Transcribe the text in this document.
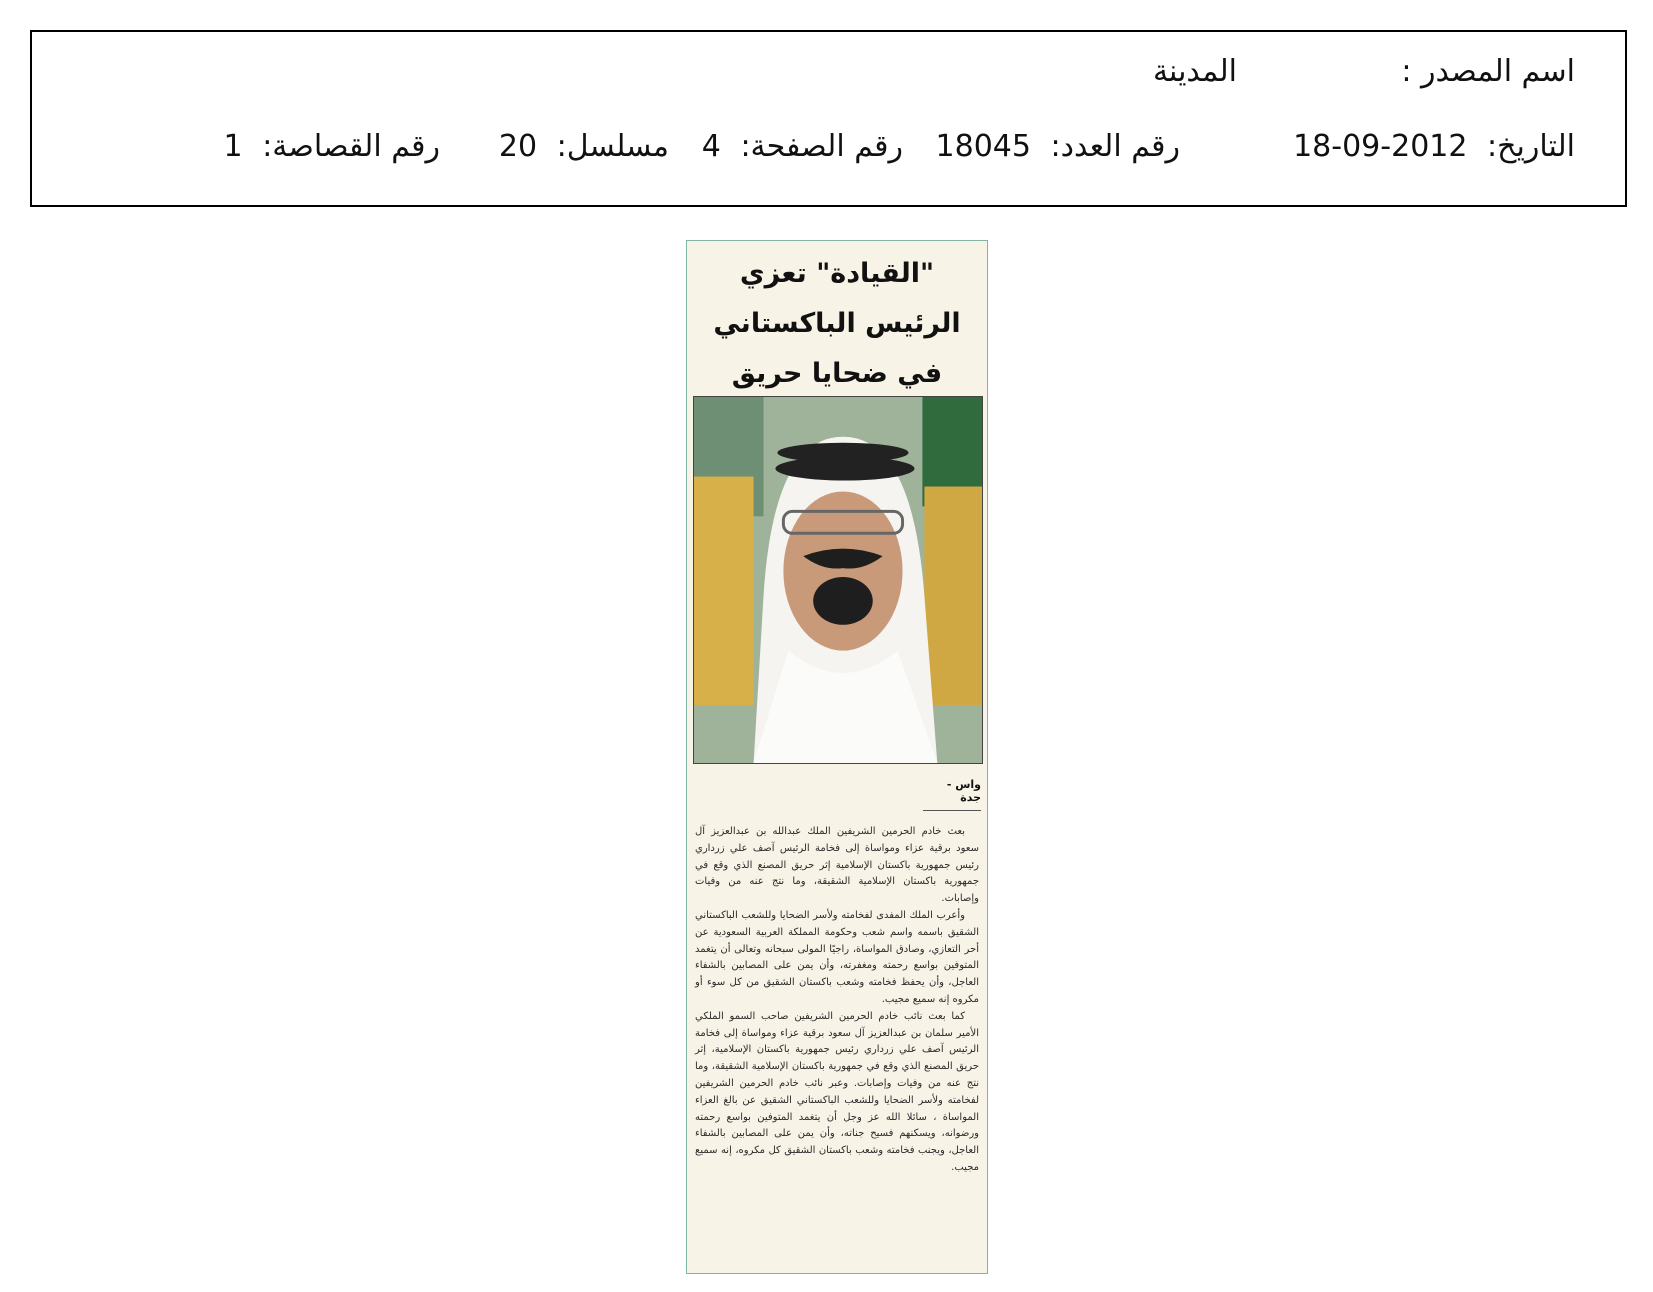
اسم المصدر :
المدينة
التاريخ: 2012-09-18
رقم العدد: 18045
رقم الصفحة: 4
مسلسل: 20
رقم القصاصة: 1
"القيادة" تعزي الرئيس الباكستاني في ضحايا حريق
واس - جدة

بعث خادم الحرمين الشريفين الملك عبدالله بن عبدالعزيز آل سعود برقية عزاء ومواساة إلى فخامة الرئيس آصف علي زرداري رئيس جمهورية باكستان الإسلامية إثر حريق المصنع الذي وقع في جمهورية باكستان الإسلامية الشقيقة، وما نتج عنه من وفيات وإصابات.

وأعرب الملك المفدى لفخامته ولأسر الضحايا وللشعب الباكستاني الشقيق باسمه واسم شعب وحكومة المملكة العربية السعودية عن أحر التعازي، وصادق المواساة، راجيًا المولى سبحانه وتعالى أن يتغمد المتوفين بواسع رحمته ومغفرته، وأن يمن على المصابين بالشفاء العاجل، وأن يحفظ فخامته وشعب باكستان الشقيق من كل سوء أو مكروه إنه سميع مجيب.

كما بعث نائب خادم الحرمين الشريفين صاحب السمو الملكي الأمير سلمان بن عبدالعزيز آل سعود برقية عزاء ومواساة إلى فخامة الرئيس آصف علي زرداري رئيس جمهورية باكستان الإسلامية، إثر حريق المصنع الذي وقع في جمهورية باكستان الإسلامية الشقيقة، وما نتج عنه من وفيات وإصابات. وعبر نائب خادم الحرمين الشريفين لفخامته ولأسر الضحايا وللشعب الباكستاني الشقيق عن بالغ العزاء المواساة ، سائلا الله عز وجل أن يتغمد المتوفين بواسع رحمته ورضوانه، ويسكنهم فسيح جناته، وأن يمن على المصابين بالشفاء العاجل، ويجنب فخامته وشعب باكستان الشقيق كل مكروه، إنه سميع مجيب.
